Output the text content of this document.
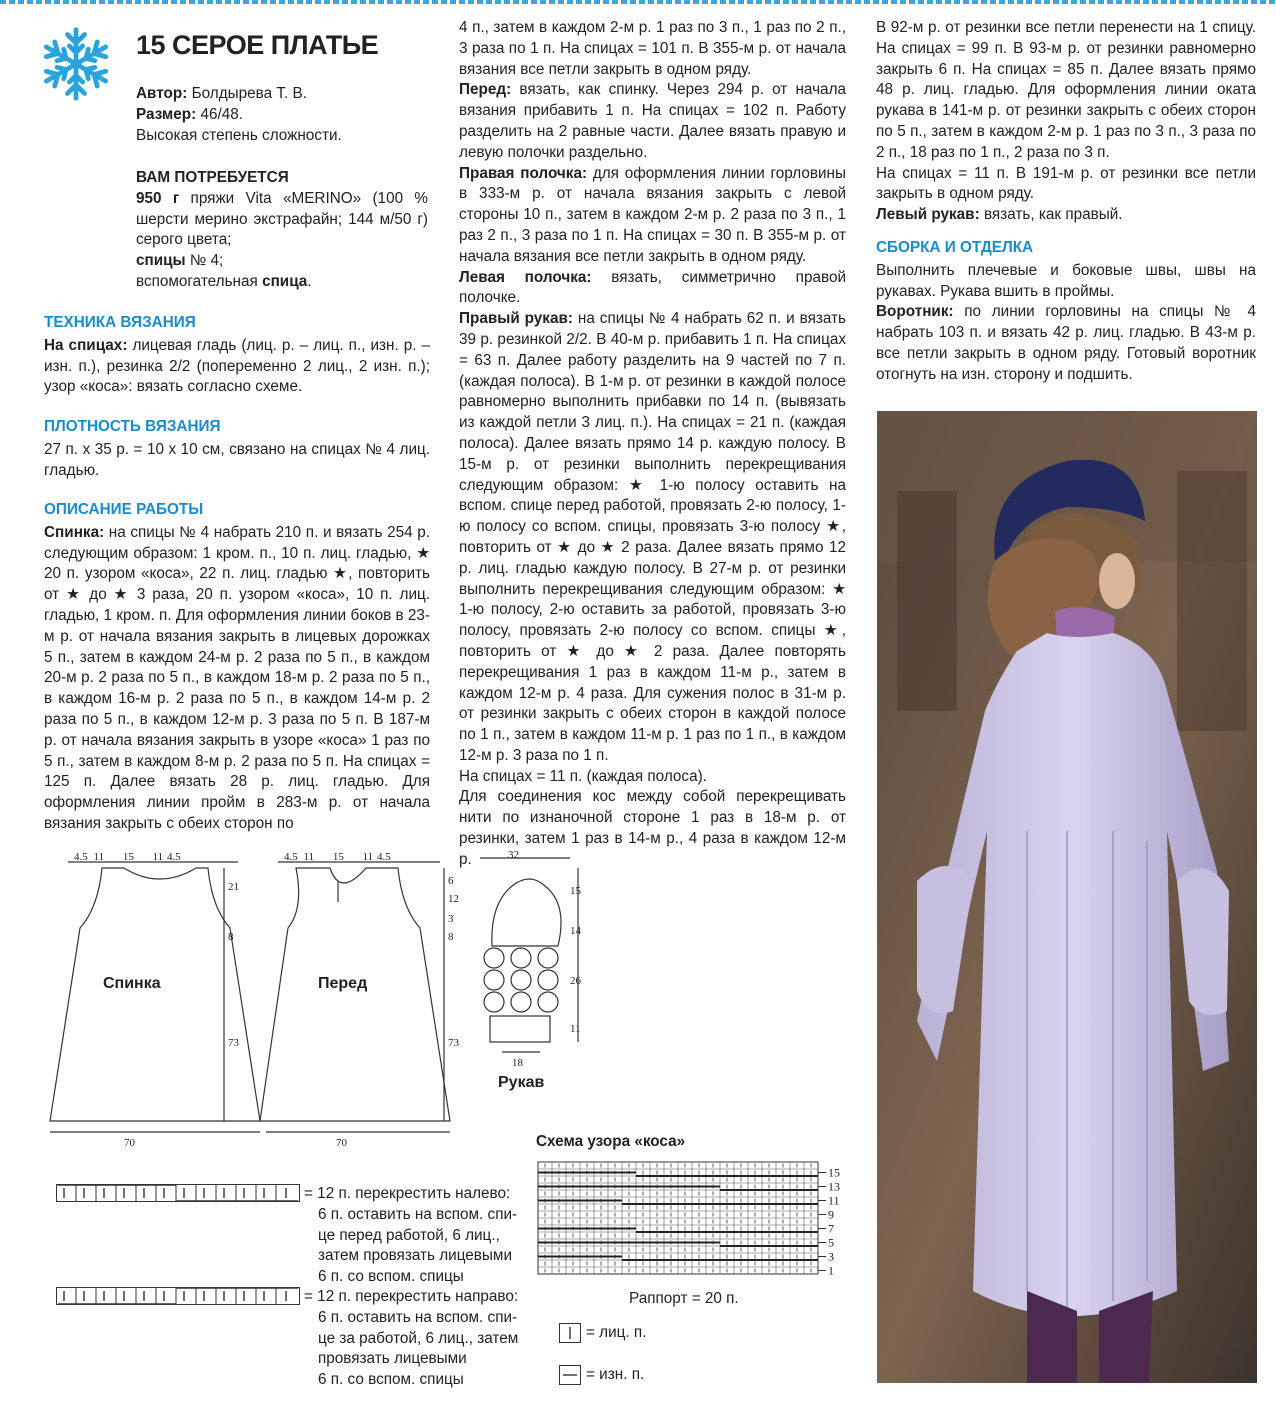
15 СЕРОЕ ПЛАТЬЕ
Автор: Болдырева Т. В.
Размер: 46/48.
Высокая степень сложности.
ВАМ ПОТРЕБУЕТСЯ
950 г пряжи Vita «MERINO» (100 % шерсти мерино экстрафайн; 144 м/50 г) серого цвета;
спицы № 4;
вспомогательная спица.
ТЕХНИКА ВЯЗАНИЯ
На спицах: лицевая гладь (лиц. р. – лиц. п., изн. р. – изн. п.), резинка 2/2 (попеременно 2 лиц., 2 изн. п.); узор «коса»: вязать согласно схеме.
ПЛОТНОСТЬ ВЯЗАНИЯ
27 п. х 35 р. = 10 х 10 см, связано на спицах № 4 лиц. гладью.
ОПИСАНИЕ РАБОТЫ
Спинка: на спицы № 4 набрать 210 п. и вязать 254 р. следующим образом: 1 кром. п., 10 п. лиц. гладью, ★ 20 п. узором «коса», 22 п. лиц. гладью ★, повторить от ★ до ★ 3 раза, 20 п. узором «коса», 10 п. лиц. гладью, 1 кром. п. Для оформления линии боков в 23-м р. от начала вязания закрыть в лицевых дорожках 5 п., затем в каждом 24-м р. 2 раза по 5 п., в каждом 20-м р. 2 раза по 5 п., в каждом 18-м р. 2 раза по 5 п., в каждом 16-м р. 2 раза по 5 п., в каждом 14-м р. 2 раза по 5 п., в каждом 12-м р. 3 раза по 5 п. В 187-м р. от начала вязания закрыть в узоре «коса» 1 раз по 5 п., затем в каждом 8-м р. 2 раза по 5 п. На спицах = 125 п. Далее вязать 28 р. лиц. гладью. Для оформления линии пройм в 283-м р. от начала вязания закрыть с обеих сторон по
4 п., затем в каждом 2-м р. 1 раз по 3 п., 1 раз по 2 п., 3 раза по 1 п. На спицах = 101 п. В 355-м р. от начала вязания все петли закрыть в одном ряду.
Перед: вязать, как спинку. Через 294 р. от начала вязания прибавить 1 п. На спицах = 102 п. Работу разделить на 2 равные части. Далее вязать правую и левую полочки раздельно.
Правая полочка: для оформления линии горловины в 333-м р. от начала вязания закрыть с левой стороны 10 п., затем в каждом 2-м р. 2 раза по 3 п., 1 раз 2 п., 3 раза по 1 п. На спицах = 30 п. В 355-м р. от начала вязания все петли закрыть в одном ряду.
Левая полочка: вязать, симметрично правой полочке.
Правый рукав: на спицы № 4 набрать 62 п. и вязать 39 р. резинкой 2/2. В 40-м р. прибавить 1 п. На спицах = 63 п. Далее работу разделить на 9 частей по 7 п. (каждая полоса). В 1-м р. от резинки в каждой полосе равномерно выполнить прибавки по 14 п. (вывязать из каждой петли 3 лиц. п.). На спицах = 21 п. (каждая полоса). Далее вязать прямо 14 р. каждую полосу. В 15-м р. от резинки выполнить перекрещивания следующим образом: ★ 1-ю полосу оставить на вспом. спице перед работой, провязать 2-ю полосу, 1-ю полосу со вспом. спицы, провязать 3-ю полосу ★, повторить от ★ до ★ 2 раза. Далее вязать прямо 12 р. лиц. гладью каждую полосу. В 27-м р. от резинки выполнить перекрещивания следующим образом: ★ 1-ю полосу, 2-ю оставить за работой, провязать 3-ю полосу, провязать 2-ю полосу со вспом. спицы ★, повторить от ★ до ★ 2 раза. Далее повторять перекрещивания 1 раз в каждом 11-м р., затем в каждом 12-м р. 4 раза. Для сужения полос в 31-м р. от резинки закрыть с обеих сторон в каждой полосе по 1 п., затем в каждом 11-м р. 1 раз по 1 п., в каждом 12-м р. 3 раза по 1 п.
На спицах = 11 п. (каждая полоса).
Для соединения кос между собой перекрещивать нити по изнаночной стороне 1 раз в 18-м р. от резинки, затем 1 раз в 14-м р., 4 раза в каждом 12-м р.
В 92-м р. от резинки все петли перенести на 1 спицу. На спицах = 99 п. В 93-м р. от резинки равномерно закрыть 6 п. На спицах = 85 п. Далее вязать прямо 48 р. лиц. гладью. Для оформления линии оката рукава в 141-м р. от резинки закрыть с обеих сторон по 5 п., затем в каждом 2-м р. 1 раз по 3 п., 3 раза по 2 п., 18 раз по 1 п., 2 раза по 3 п.
На спицах = 11 п. В 191-м р. от резинки все петли закрыть в одном ряду.
Левый рукав: вязать, как правый.
СБОРКА И ОТДЕЛКА
Выполнить плечевые и боковые швы, швы на рукавах. Рукава вшить в проймы.
Воротник: по линии горловины на спицы № 4 набрать 103 п. и вязать 42 р. лиц. гладью. В 43-м р. все петли закрыть в одном ряду. Готовый воротник отогнуть на изн. сторону и подшить.
4.5 11 15 11 4.5	4.5 11 15 11 4.5
21
8
73
6
12
3
8
73
70	70
32
15
14
26
11
18
Спинка	Перед
Рукав
= 12 п. перекрестить налево:
6 п. оставить на вспом. спи-
це перед работой, 6 лиц.,
затем провязать лицевыми
6 п. со вспом. спицы
= 12 п. перекрестить направо:
6 п. оставить на вспом. спи-
це за работой, 6 лиц., затем
провязать лицевыми
6 п. со вспом. спицы
Схема узора «коса»
15
13
11
9
7
5
3
1
Раппорт = 20 п.
= лиц. п.
= изн. п.
